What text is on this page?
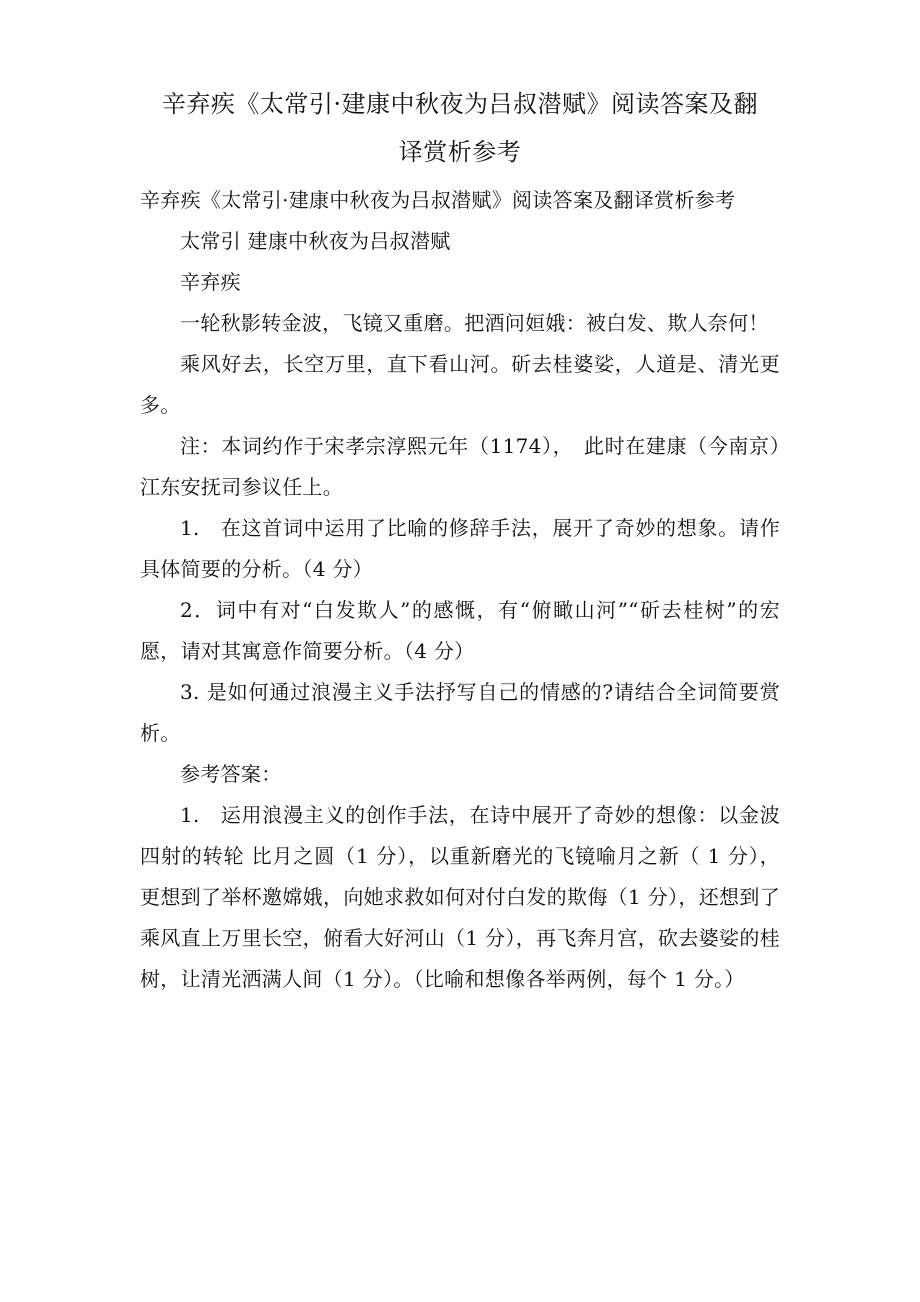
辛弃疾《太常引·建康中秋夜为吕叔潜赋》阅读答案及翻
译赏析参考

辛弃疾《太常引·建康中秋夜为吕叔潜赋》阅读答案及翻译赏析参考

太常引 建康中秋夜为吕叔潜赋

辛弃疾

一轮秋影转金波，飞镜又重磨。把酒问姮娥：被白发、欺人奈何！

乘风好去，长空万里，直下看山河。斫去桂婆娑，人道是、清光更多。

注：本词约作于宋孝宗淳熙元年（1174），　此时在建康（今南京）江东安抚司参议任上。

1.　在这首词中运用了比喻的修辞手法，展开了奇妙的想象。请作具体简要的分析。（4 分）

2．词中有对“白发欺人”的感慨，有“俯瞰山河”“斫去桂树”的宏愿，请对其寓意作简要分析。（4 分）

3. 是如何通过浪漫主义手法抒写自己的情感的?请结合全词简要赏析。

参考答案：

1.　运用浪漫主义的创作手法，在诗中展开了奇妙的想像：以金波四射的转轮 比月之圆（1 分），以重新磨光的飞镜喻月之新（ 1 分），更想到了举杯邀嫦娥，向她求救如何对付白发的欺侮（1 分），还想到了乘风直上万里长空，俯看大好河山（1 分），再飞奔月宫，砍去婆娑的桂树，让清光洒满人间（1 分）。（比喻和想像各举两例，每个 1 分。）
